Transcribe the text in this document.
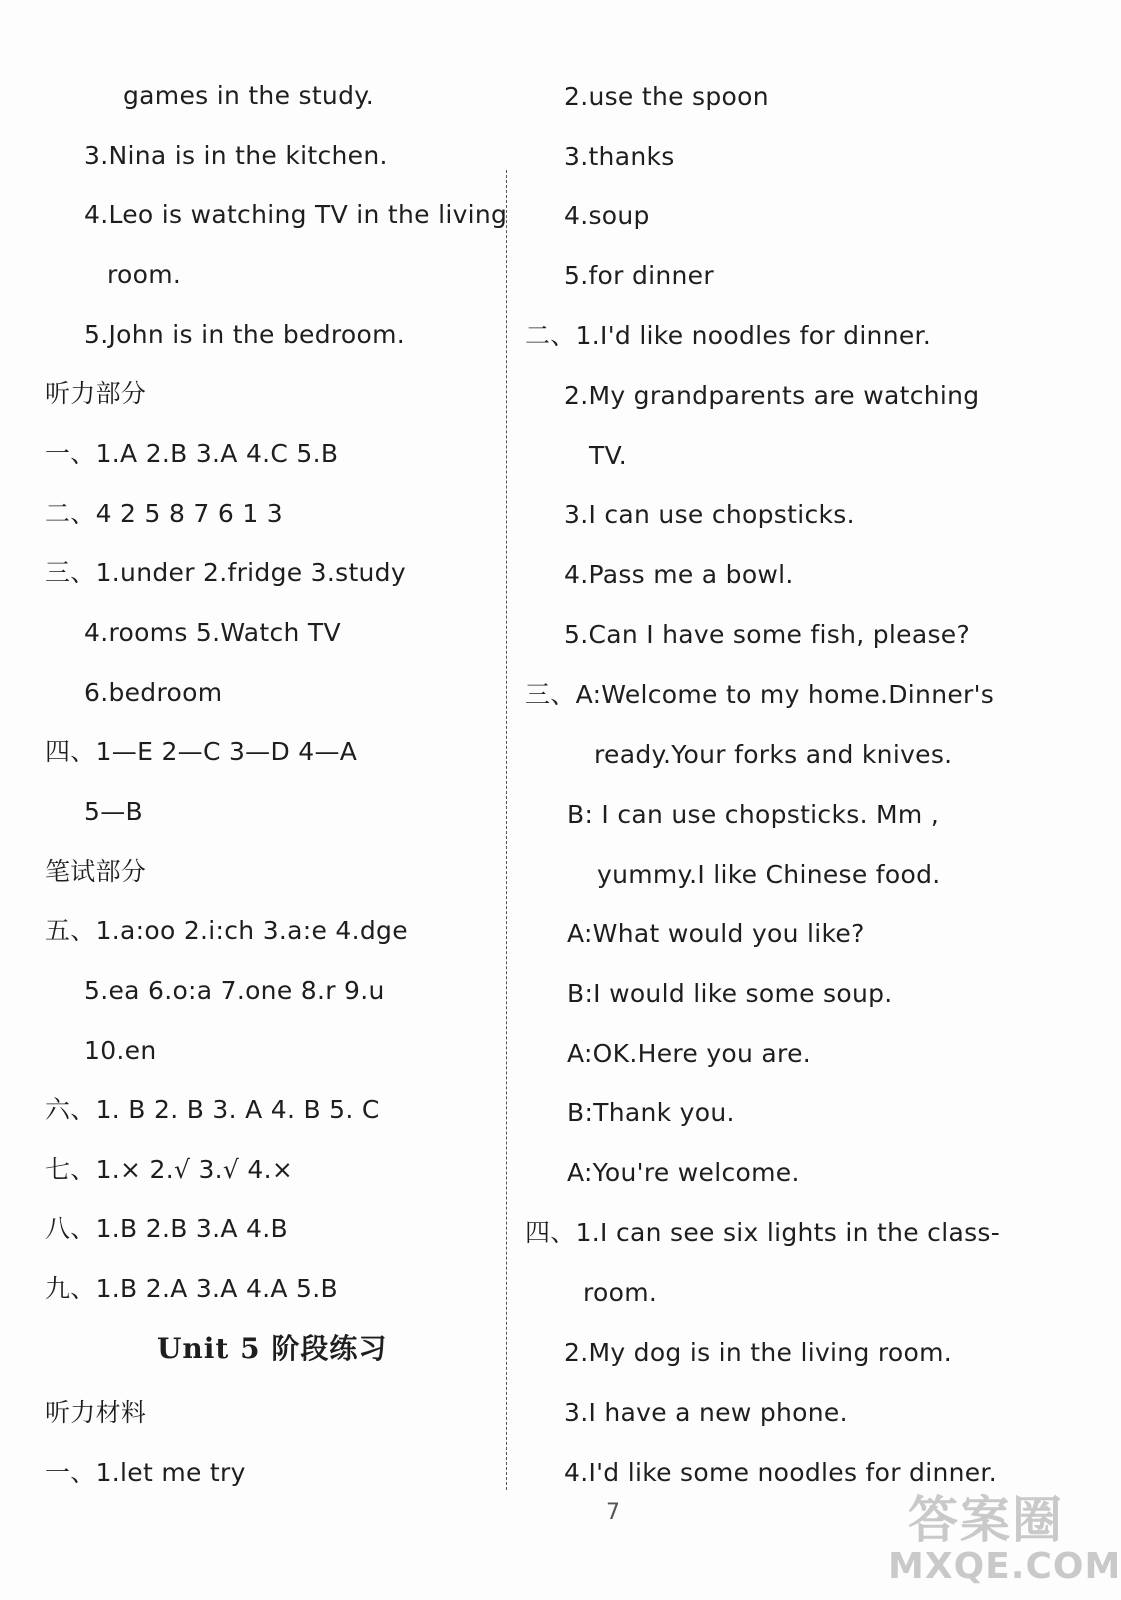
games in the study.
3.Nina is in the kitchen.
4.Leo is watching TV in the living
room.
5.John is in the bedroom.
听力部分
一、1.A 2.B 3.A 4.C 5.B
二、4 2 5 8 7 6 1 3
三、1.under 2.fridge 3.study
4.rooms 5.Watch TV
6.bedroom
四、1—E 2—C 3—D 4—A
5—B
笔试部分
五、1.a:oo 2.i:ch 3.a:e 4.dge
5.ea 6.o:a 7.one 8.r 9.u
10.en
六、1. B 2. B 3. A 4. B 5. C
七、1.× 2.√ 3.√ 4.×
八、1.B 2.B 3.A 4.B
九、1.B 2.A 3.A 4.A 5.B
Unit 5 阶段练习
听力材料
一、1.let me try
2.use the spoon
3.thanks
4.soup
5.for dinner
二、1.I'd like noodles for dinner.
2.My grandparents are watching
TV.
3.I can use chopsticks.
4.Pass me a bowl.
5.Can I have some fish, please?
三、A:Welcome to my home.Dinner's
ready.Your forks and knives.
B: I can use chopsticks. Mm ,
yummy.I like Chinese food.
A:What would you like?
B:I would like some soup.
A:OK.Here you are.
B:Thank you.
A:You're welcome.
四、1.I can see six lights in the class-
room.
2.My dog is in the living room.
3.I have a new phone.
4.I'd like some noodles for dinner.
7	答案圈
MXQE.COM
